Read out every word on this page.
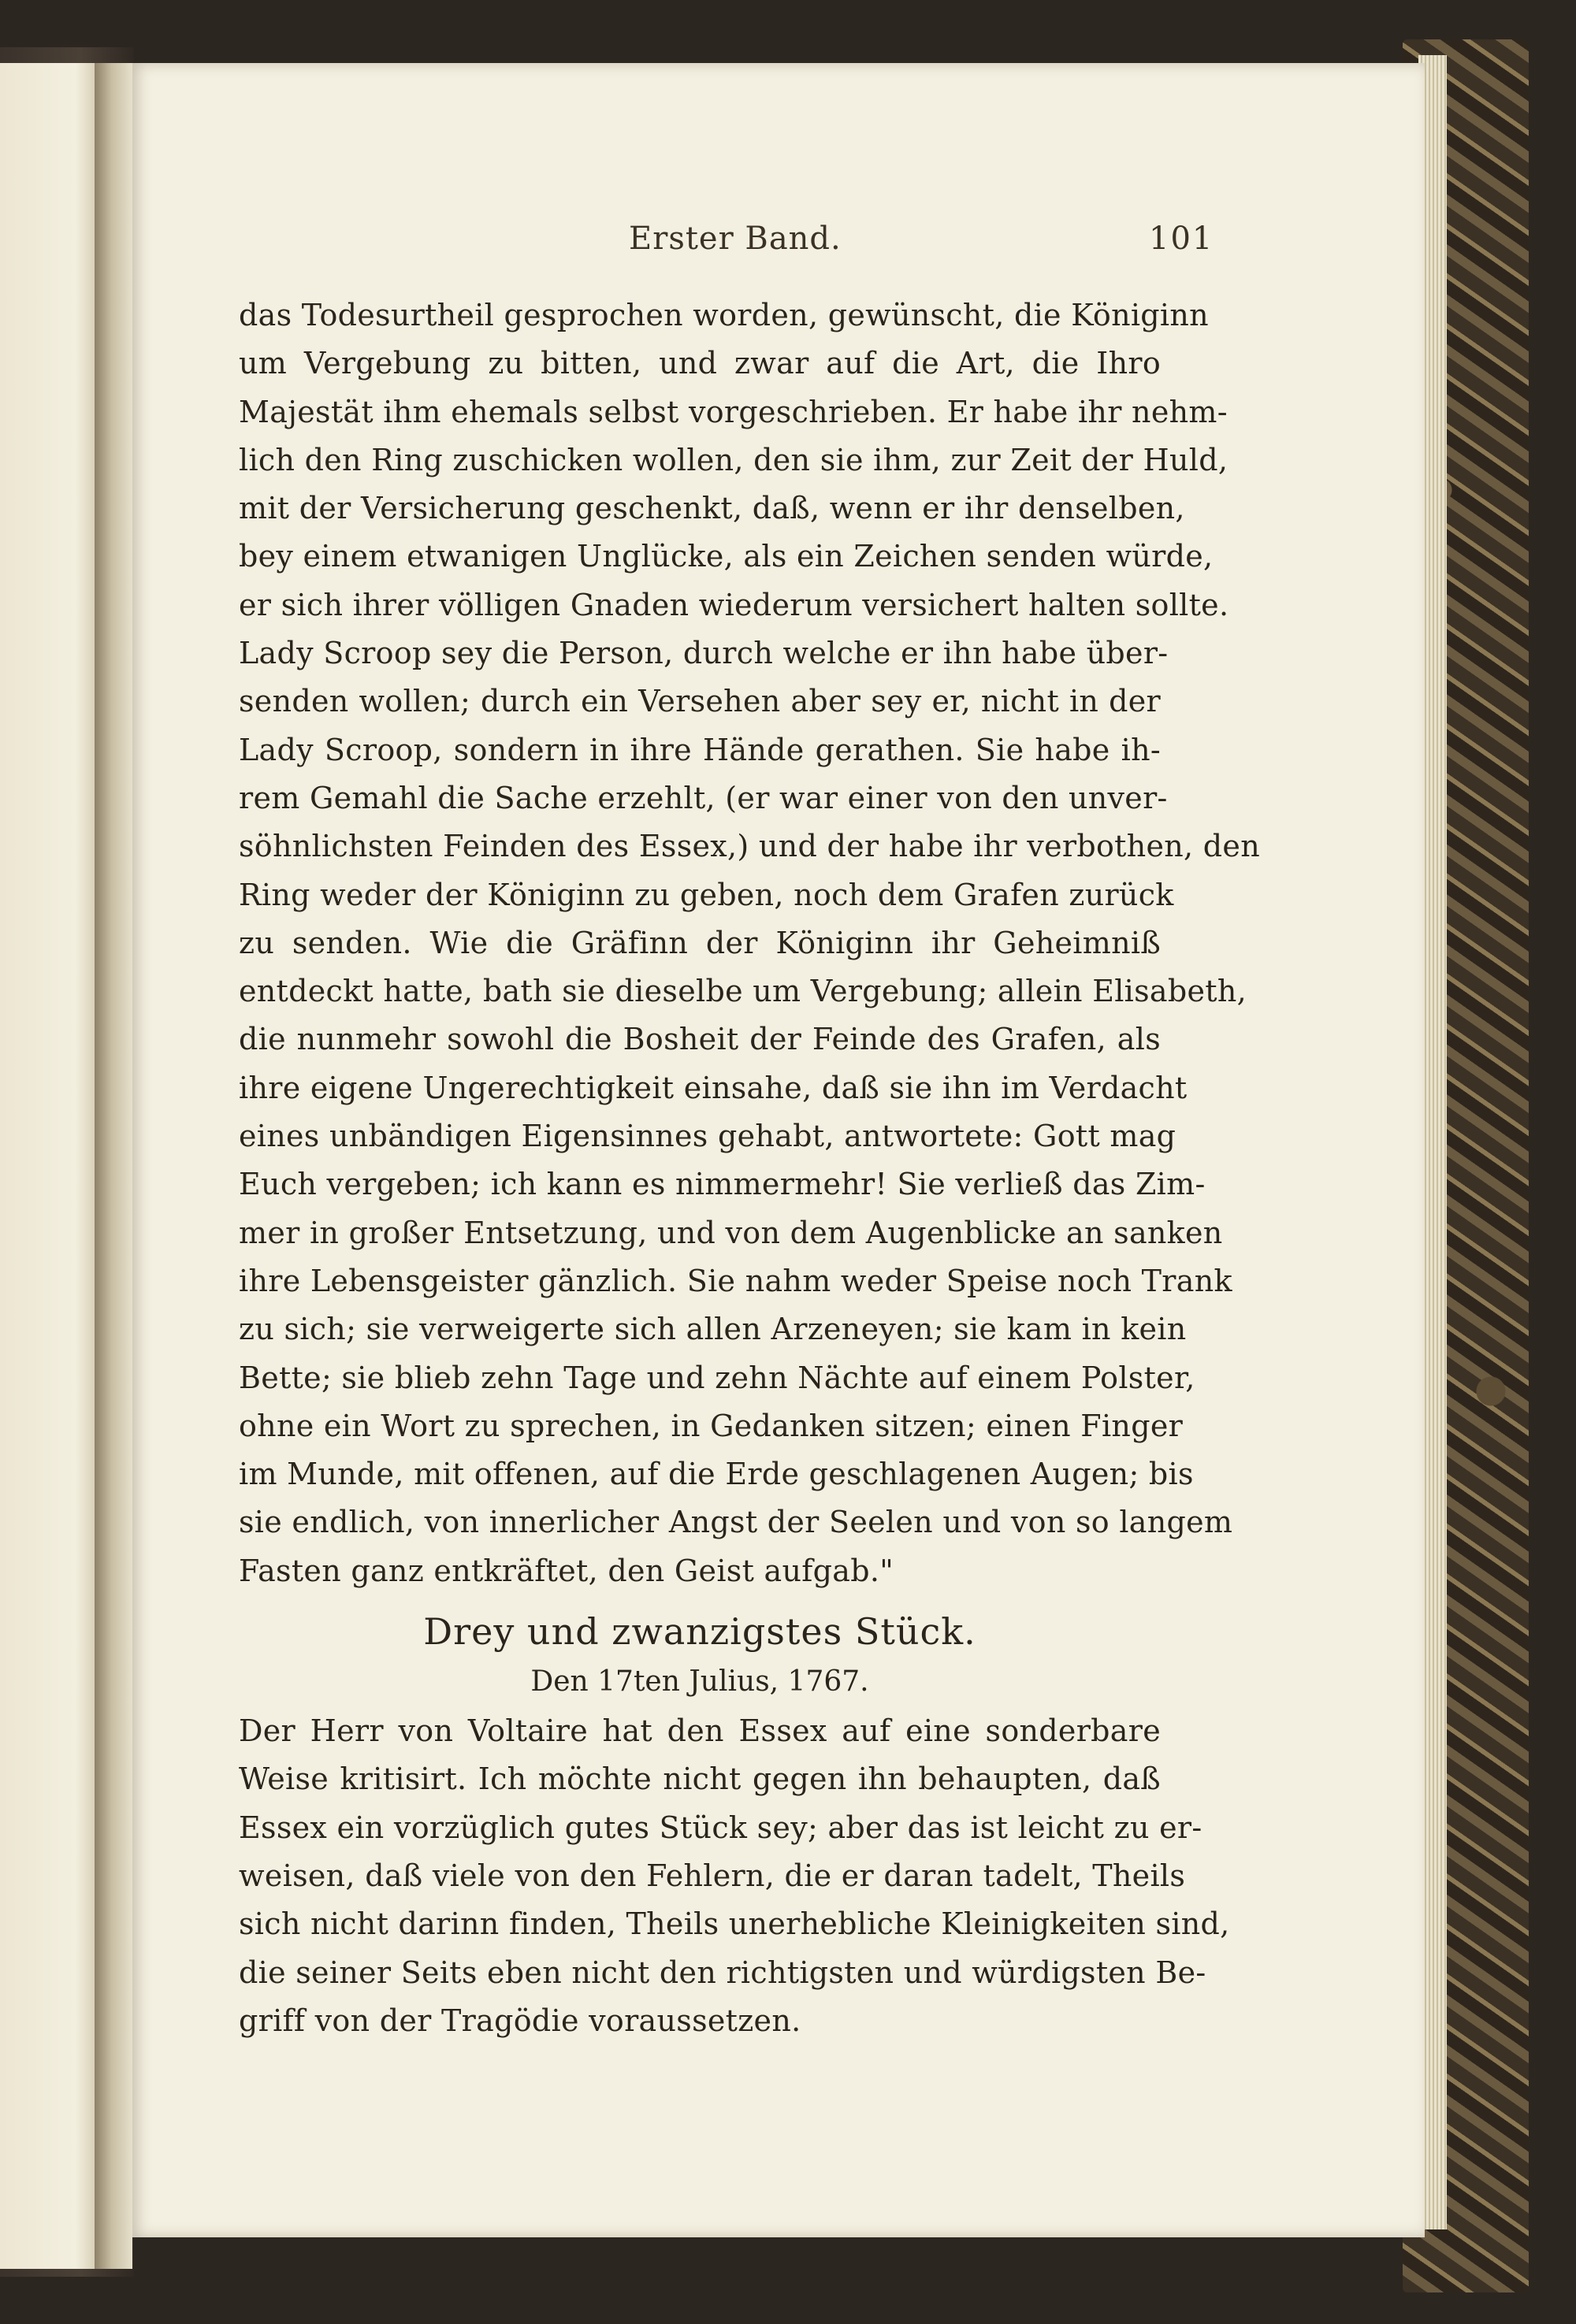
Erster Band.	101
das Todesurtheil gesprochen worden, gewünscht, die Königinn
um Vergebung zu bitten, und zwar auf die Art, die Ihro
Majestät ihm ehemals selbst vorgeschrieben. Er habe ihr nehm-
lich den Ring zuschicken wollen, den sie ihm, zur Zeit der Huld,
mit der Versicherung geschenkt, daß, wenn er ihr denselben,
bey einem etwanigen Unglücke, als ein Zeichen senden würde,
er sich ihrer völligen Gnaden wiederum versichert halten sollte.
Lady Scroop sey die Person, durch welche er ihn habe über-
senden wollen; durch ein Versehen aber sey er, nicht in der
Lady Scroop, sondern in ihre Hände gerathen. Sie habe ih-
rem Gemahl die Sache erzehlt, (er war einer von den unver-
söhnlichsten Feinden des Essex,) und der habe ihr verbothen, den
Ring weder der Königinn zu geben, noch dem Grafen zurück
zu senden. Wie die Gräfinn der Königinn ihr Geheimniß
entdeckt hatte, bath sie dieselbe um Vergebung; allein Elisabeth,
die nunmehr sowohl die Bosheit der Feinde des Grafen, als
ihre eigene Ungerechtigkeit einsahe, daß sie ihn im Verdacht
eines unbändigen Eigensinnes gehabt, antwortete: Gott mag
Euch vergeben; ich kann es nimmermehr! Sie verließ das Zim-
mer in großer Entsetzung, und von dem Augenblicke an sanken
ihre Lebensgeister gänzlich. Sie nahm weder Speise noch Trank
zu sich; sie verweigerte sich allen Arzeneyen; sie kam in kein
Bette; sie blieb zehn Tage und zehn Nächte auf einem Polster,
ohne ein Wort zu sprechen, in Gedanken sitzen; einen Finger
im Munde, mit offenen, auf die Erde geschlagenen Augen; bis
sie endlich, von innerlicher Angst der Seelen und von so langem
Fasten ganz entkräftet, den Geist aufgab."
Drey und zwanzigstes Stück.
Den 17ten Julius, 1767.
Der Herr von Voltaire hat den Essex auf eine sonderbare
Weise kritisirt. Ich möchte nicht gegen ihn behaupten, daß
Essex ein vorzüglich gutes Stück sey; aber das ist leicht zu er-
weisen, daß viele von den Fehlern, die er daran tadelt, Theils
sich nicht darinn finden, Theils unerhebliche Kleinigkeiten sind,
die seiner Seits eben nicht den richtigsten und würdigsten Be-
griff von der Tragödie voraussetzen.
